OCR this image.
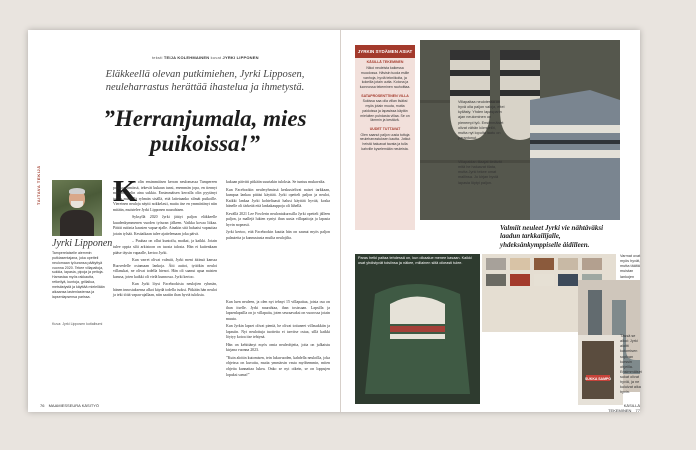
teksti TEIJA KOLEHMAINEN kuvat JYRKI LIPPONEN
Eläkkeellä olevan putkimiehen, Jyrki Lipposen, neuleharrastus herättää ihastelua ja ihmetystä.
”Herranjumala, mies puikoissa!”
TAITAVA TEKIJÄ
Jyrki Lipponen
Tamperelaiselle aiemmin putkiasentajana, joka opetteli neulomaan työuransa päätyttyä vuonna 2020. Tekee villapaitoja, sukkia, lapasia, pipoja ja peitoja. Harrastaa myös rakkautta, retkeilyä, kuntoja, grillailua, metsästystä ja käyttää mielellään aikaansa lastenlastensa ja lapsenlapsensa parissa.
Kuva: Jyrki Lipposen kotialbumi
K

un olin ensimmäisen kerran neulomassa Tampereen puikkoryhmässä, tekevät kukaan tunsi, enemmän jopa, en tiennyt mitään, ajelin aina sukkia. Ensimmäisen kerralla olin pyytänyt tuolla miehellä ryhmän sisällä, että laitetaanko silmät puikoille. Viereinen neuloja näytti nokkelasti, mutta itse en ymmärtänyt niin mitään, muistelee Jyrki Lipponen naurahtaen.

Syksyllä 2020 Jyrki jäätyi paljon eläkkeelle kuudenkymmenen vuoden työuran jälkeen. Vaikka kovaa liikaa. Päätti rutiinia kausten vapaa-ajalle. Ainakin sitä haluaisi vapauttaa jotain tylsää. Kesäaikaan tulee ajattelemaan joka päivä.

– Puuhaa on ollut kuntoilu, matkat, ja kaikki. Jotain tulee oppia silti arkistoon on tuosta talosta. Hän ei kuitenkaan pääse täysin vapaalle, kertoo Jyrki.

Kun varret olivat valmiit, Jyrki meni äitinsä kanssa Ruovedelle ostamaan lankoja. Äiti auttoi, tyttökin neuloi villasukat, ne olivat todella hienot. Hän oli saanut apua naisten kanssa, joten kaikki oli vielä kunnossa. Jyrki kertoo.

Kun Jyrki löysi Facebookista neulojien ryhmän, hänen innostuksensa alkoi käydä todella isoksi. Pitkään hän neuloi ja teki töitä vapaa-ajallaan, niin saatiin ihan hyviä tuloksia.

kukaan päivitti pitkään suurtakin tuloksia. Se tuntuu mukavalta.

Kun Facebookin neuleryhmissä keskustelivat naiset tarkkaan, kumpaa lankaa pitäisi käyttää. Jyrki opetteli paljon ja neuloi, Kaikki lankaa Jyrki kohteliaasti halusi käyttää hyvää, koska hänelle oli tärkeää että lankakauppoja oli lähellä.

Kevällä 2021 Lee Fowlerin neulontakurssilla Jyrki opetteli jälleen paljon, ja mallejä lukien syntyi ihan uusia villapaitoja ja lapasia hyvin nopeasti.

Jyrki kertoo, että Facebookin kautta hän on saanut myös paljon palautetta ja kannustusta muilta neulojilta.

Kun luen neuleen, ja olen nyt tehnyt 15 villapaitaa, joista osa on ihan itselle. Jyrki naurahtaa, ihan tosissaan. Lapsilla ja lapsenlapsilla on jo villapaita, joten seuraavaksi on vuorossa jotain muuta.

Kun Jyrkin lapset olivat pieniä, he olivat tottuneet villasukkiin ja lapasiin. Nyt neulottuja tuotteita ei tarvitse ostaa, sillä kaikki löytyy kotoa itse tehtynä.

Hän on kehittänyt myös omia neuleohjeita, joita on julkaistu kirjana vuonna 2023.

”Kuin aloitin kutomisen, tein lukuvuoden, kahdella neuloilla, joka ohjeissa on kuvattu, mutta ymmärsin vasta myöhemmin, miten ohjeita kannattaa lukea. Onko se nyt oikein, se on loppujen lopuksi sama!”

JYRKIN SYDÄMEN ASIAT
KÄSILLÄ TEKEMINEN
Nikoi neuleista kaikessa muodossa. Hävisin tuoda esille vanhoja, hyviä tekniikoita, ja kokeilla jotain uutta. Kotona ja luonnossa tekeminen rauhoittaa.
SATAPROSENTTINEN VILLA
Sukissa saa olla villan lisäksi myös jotain muuta, mutta paidoissa ja lapasissa käytän mieluiten puhdasta villaa. Se on lämmin ja kestävä.
UUDET TUTTAVAT
Olen saanut paljon uusia tuttuja neuleharrastuksen kautta. Jotkut heistä haluavat tavata ja tulla kahville kyselemään neuleista.
Villapaitaa neulotessa on hyvä olla paljon valoja, ettei kyllästy. Yhden lapasparin ajan neulominen on pienempi työ. Ensimmäiset olivat vähän kömpelöt, mutta nyt lopulta laatu on parantunut.
Villapaidan tilaajat tietävät mitä he haluavat tilata, mutta Jyrki tekee omat mallinsa. Jo kirjan hyviä lapasia löytyi paljon.
Valmiit neuleet Jyrki vie nähtäväksi laadun tarkkailijalle, yhdeksänkymppiselle äidilleen.
Paras hetki paitaa tehdessä on, kun olkaalue menee kasaan. Kaikki osat yhdistyvät toisiinsa ja näkee, millainen siitä oikeasti tulee.
Varmat ovat myös hyvät, mutta täältä muistan lankojen
SUKKA SAMPO
Tässä se alkoi: Jyrki aloitti kutomisen sopivan kurssin ohjeilla. Ensimmäiset sukat olivat hyviä, ja ne kuluivat aika hyvin.
76 MAAMIESSEURA KÄSITYÖ	KÄSILLÄ TEKEMINEN 77
